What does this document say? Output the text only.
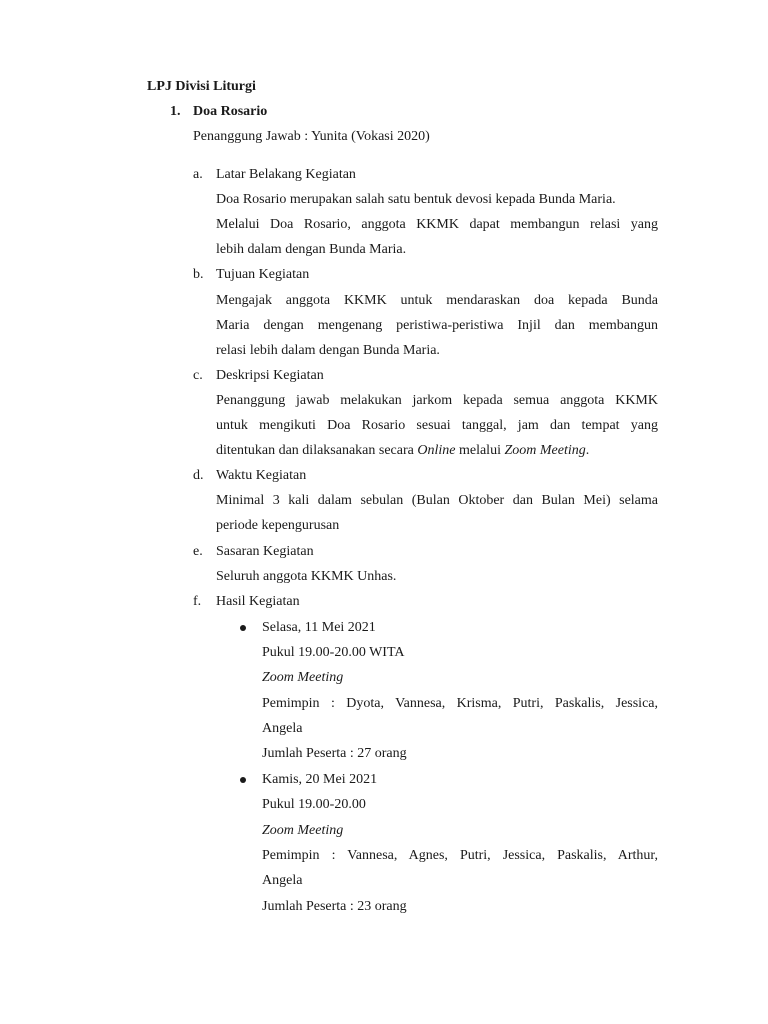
LPJ Divisi Liturgi
1. Doa Rosario
Penanggung Jawab : Yunita (Vokasi 2020)
a. Latar Belakang Kegiatan
Doa Rosario merupakan salah satu bentuk devosi kepada Bunda Maria.
Melalui Doa Rosario, anggota KKMK dapat membangun relasi yang
lebih dalam dengan Bunda Maria.
b. Tujuan Kegiatan
Mengajak anggota KKMK untuk mendaraskan doa kepada Bunda
Maria dengan mengenang peristiwa-peristiwa Injil dan membangun
relasi lebih dalam dengan Bunda Maria.
c. Deskripsi Kegiatan
Penanggung jawab melakukan jarkom kepada semua anggota KKMK
untuk mengikuti Doa Rosario sesuai tanggal, jam dan tempat yang
ditentukan dan dilaksanakan secara Online melalui Zoom Meeting.
d. Waktu Kegiatan
Minimal 3 kali dalam sebulan (Bulan Oktober dan Bulan Mei) selama
periode kepengurusan
e. Sasaran Kegiatan
Seluruh anggota KKMK Unhas.
f. Hasil Kegiatan
Selasa, 11 Mei 2021
Pukul 19.00-20.00 WITA
Zoom Meeting
Pemimpin : Dyota, Vannesa, Krisma, Putri, Paskalis, Jessica,
Angela
Jumlah Peserta : 27 orang
Kamis, 20 Mei 2021
Pukul 19.00-20.00
Zoom Meeting
Pemimpin : Vannesa, Agnes, Putri, Jessica, Paskalis, Arthur,
Angela
Jumlah Peserta : 23 orang
